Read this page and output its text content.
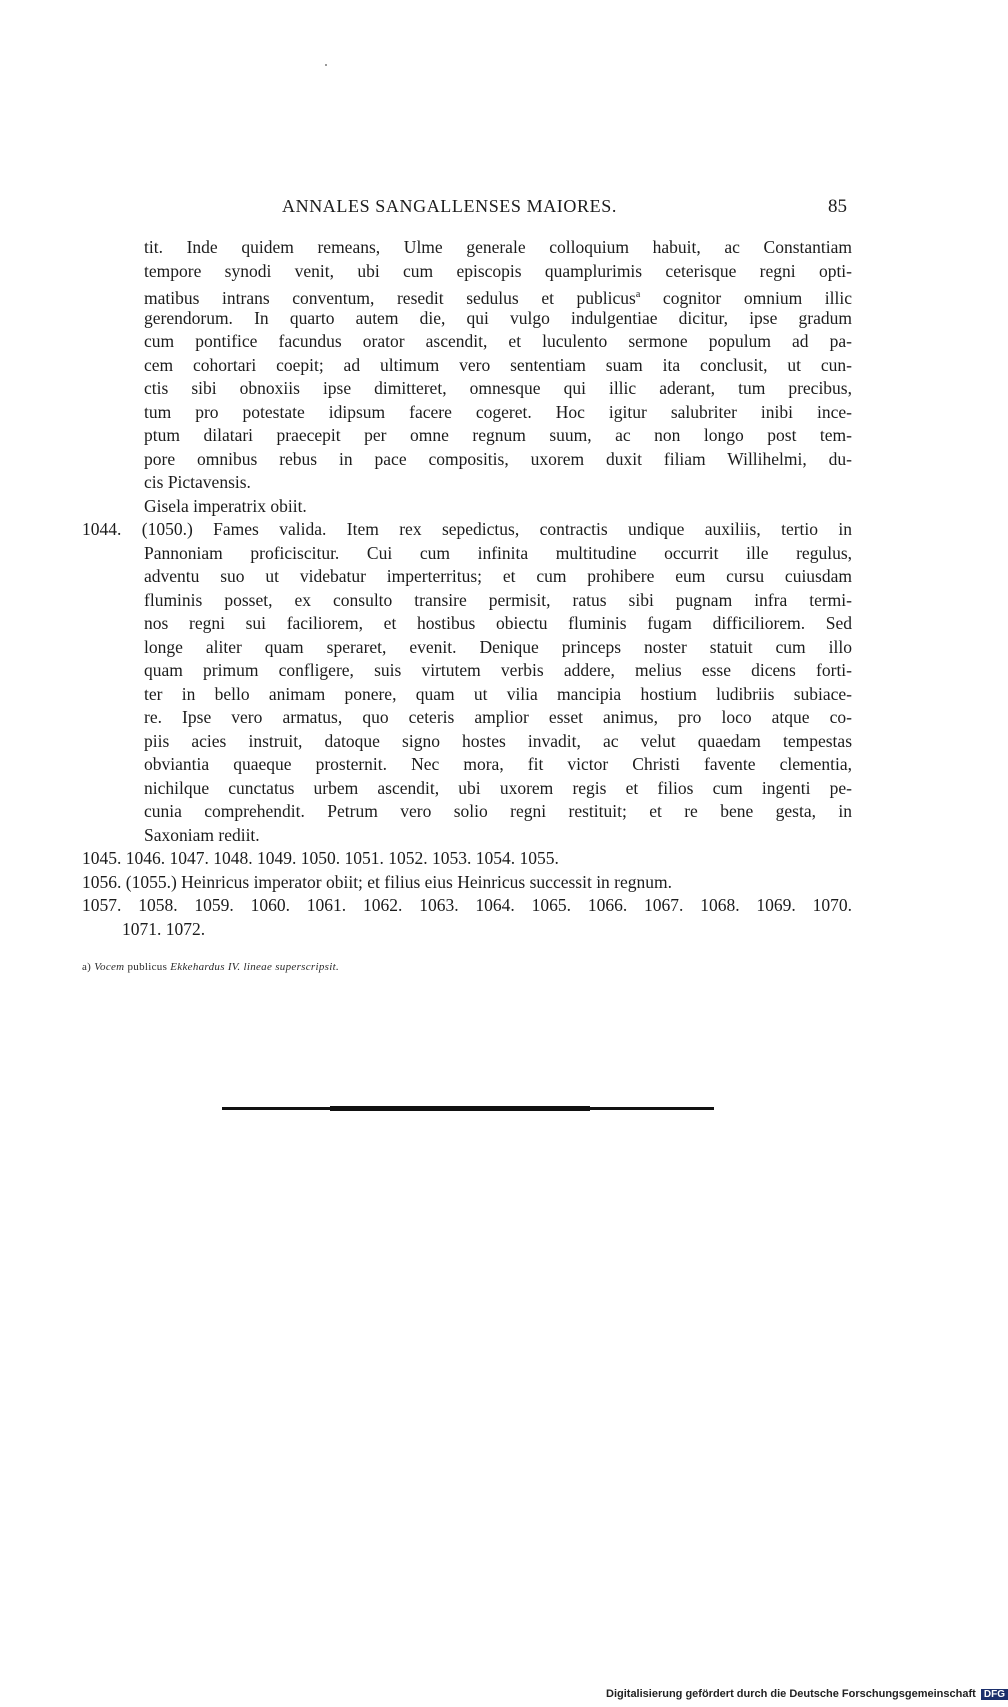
ANNALES SANGALLENSES MAIORES.	85
tit. Inde quidem remeans, Ulme generale colloquium habuit, ac Constantiam
tempore synodi venit, ubi cum episcopis quamplurimis ceterisque regni opti-
matibus intrans conventum, resedit sedulus et publicus$^a$ cognitor omnium illic
gerendorum. In quarto autem die, qui vulgo indulgentiae dicitur, ipse gradum
cum pontifice facundus orator ascendit, et luculento sermone populum ad pa-
cem cohortari coepit; ad ultimum vero sententiam suam ita conclusit, ut cun-
ctis sibi obnoxiis ipse dimitteret, omnesque qui illic aderant, tum precibus,
tum pro potestate idipsum facere cogeret. Hoc igitur salubriter inibi ince-
ptum dilatari praecepit per omne regnum suum, ac non longo post tem-
pore omnibus rebus in pace compositis, uxorem duxit filiam Willihelmi, du-
cis Pictavensis.
Gisela imperatrix obiit.
1044. (1050.) Fames valida. Item rex sepedictus, contractis undique auxiliis, tertio in
Pannoniam proficiscitur. Cui cum infinita multitudine occurrit ille regulus,
adventu suo ut videbatur imperterritus; et cum prohibere eum cursu cuiusdam
fluminis posset, ex consulto transire permisit, ratus sibi pugnam infra termi-
nos regni sui faciliorem, et hostibus obiectu fluminis fugam difficiliorem. Sed
longe aliter quam speraret, evenit. Denique princeps noster statuit cum illo
quam primum confligere, suis virtutem verbis addere, melius esse dicens forti-
ter in bello animam ponere, quam ut vilia mancipia hostium ludibriis subiace-
re. Ipse vero armatus, quo ceteris amplior esset animus, pro loco atque co-
piis acies instruit, datoque signo hostes invadit, ac velut quaedam tempestas
obviantia quaeque prosternit. Nec mora, fit victor Christi favente clementia,
nichilque cunctatus urbem ascendit, ubi uxorem regis et filios cum ingenti pe-
cunia comprehendit. Petrum vero solio regni restituit; et re bene gesta, in
Saxoniam rediit.
1045. 1046. 1047. 1048. 1049. 1050. 1051. 1052. 1053. 1054. 1055.
1056. (1055.) Heinricus imperator obiit; et filius eius Heinricus successit in regnum.
1057. 1058. 1059. 1060. 1061. 1062. 1063. 1064. 1065. 1066. 1067. 1068. 1069. 1070.
1071. 1072.
a) Vocem publicus Ekkehardus IV. lineae superscripsit.
Digitalisierung gefördert durch die Deutsche Forschungsgemeinschaft DFG
